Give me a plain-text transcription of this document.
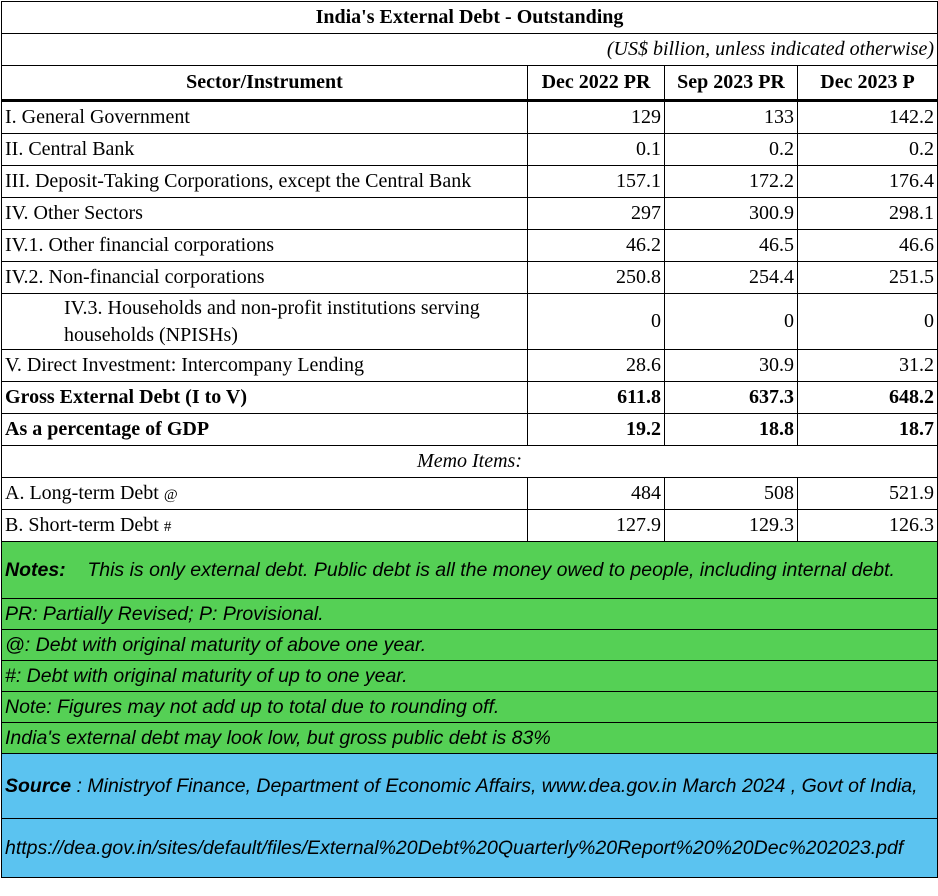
India's External Debt - Outstanding			
(US$ billion, unless indicated otherwise)			
Sector/Instrument	Dec 2022 PR	Sep 2023 PR	Dec 2023 P
I. General Government	129	133	142.2
II. Central Bank	0.1	0.2	0.2
III. Deposit-Taking Corporations, except the Central Bank	157.1	172.2	176.4
IV. Other Sectors	297	300.9	298.1
IV.1. Other financial corporations	46.2	46.5	46.6
IV.2. Non-financial corporations	250.8	254.4	251.5
IV.3. Households and non-profit institutions serving households (NPISHs)	0	0	0
V. Direct Investment: Intercompany Lending	28.6	30.9	31.2
Gross External Debt (I to V)	611.8	637.3	648.2
As a percentage of GDP	19.2	18.8	18.7
Memo Items:			
A. Long-term Debt @	484	508	521.9
B. Short-term Debt #	127.9	129.3	126.3
Notes: This is only external debt. Public debt is all the money owed to people, including internal debt.			
PR: Partially Revised; P: Provisional.			
@: Debt with original maturity of above one year.			
#: Debt with original maturity of up to one year.			
Note: Figures may not add up to total due to rounding off.			
India's external debt may look low, but gross public debt is 83%			
Source : Ministryof Finance, Department of Economic Affairs, www.dea.gov.in March 2024 , Govt of India,			
https://dea.gov.in/sites/default/files/External%20Debt%20Quarterly%20Report%20%20Dec%202023.pdf			
